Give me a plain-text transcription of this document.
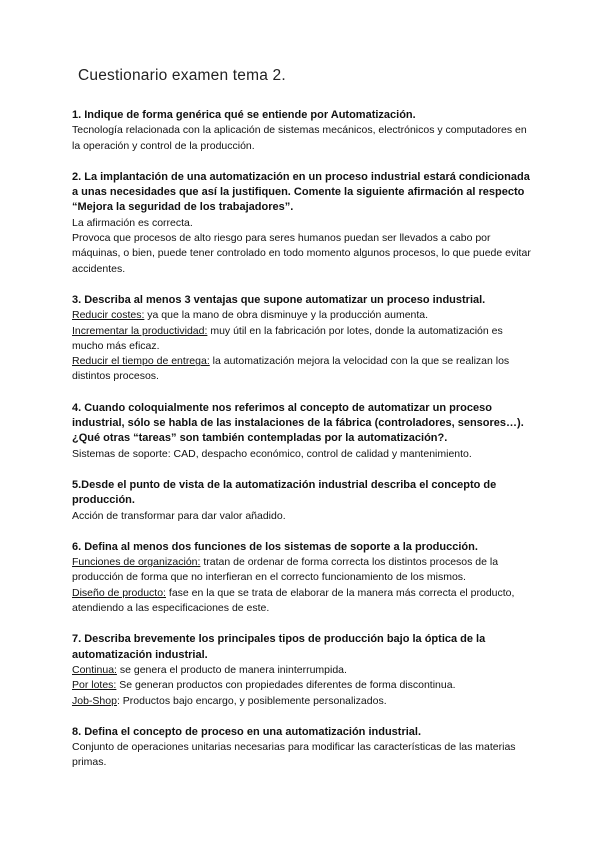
Cuestionario examen tema 2.

1. Indique de forma genérica qué se entiende por Automatización.

Tecnología relacionada con la aplicación de sistemas mecánicos, electrónicos y computadores en la operación y control de la producción.

2. La implantación de una automatización en un proceso industrial estará condicionada a unas necesidades que así la justifiquen. Comente la siguiente afirmación al respecto “Mejora la seguridad de los trabajadores”.

La afirmación es correcta.

Provoca que procesos de alto riesgo para seres humanos puedan ser llevados a cabo por máquinas, o bien, puede tener controlado en todo momento algunos procesos, lo que puede evitar accidentes.

3. Describa al menos 3 ventajas que supone automatizar un proceso industrial.

Reducir costes: ya que la mano de obra disminuye y la producción aumenta.

Incrementar la productividad: muy útil en la fabricación por lotes, donde la automatización es mucho más eficaz.

Reducir el tiempo de entrega: la automatización mejora la velocidad con la que se realizan los distintos procesos.

4. Cuando coloquialmente nos referimos al concepto de automatizar un proceso industrial, sólo se habla de las instalaciones de la fábrica (controladores, sensores…).¿Qué otras “tareas” son también contempladas por la automatización?.

Sistemas de soporte: CAD, despacho económico, control de calidad y mantenimiento.

5.Desde el punto de vista de la automatización industrial describa el concepto de producción.

Acción de transformar para dar valor añadido.

6. Defina al menos dos funciones de los sistemas de soporte a la producción.

Funciones de organización: tratan de ordenar de forma correcta los distintos procesos de la producción de forma que no interfieran en el correcto funcionamiento de los mismos.

Diseño de producto: fase en la que se trata de elaborar de la manera más correcta el producto, atendiendo a las especificaciones de este.

7. Describa brevemente los principales tipos de producción bajo la óptica de la automatización industrial.

Continua: se genera el producto de manera ininterrumpida.

Por lotes: Se generan productos con propiedades diferentes de forma discontinua.

Job-Shop: Productos bajo encargo, y posiblemente personalizados.

8. Defina el concepto de proceso en una automatización industrial.

Conjunto de operaciones unitarias necesarias para modificar las características de las materias primas.
